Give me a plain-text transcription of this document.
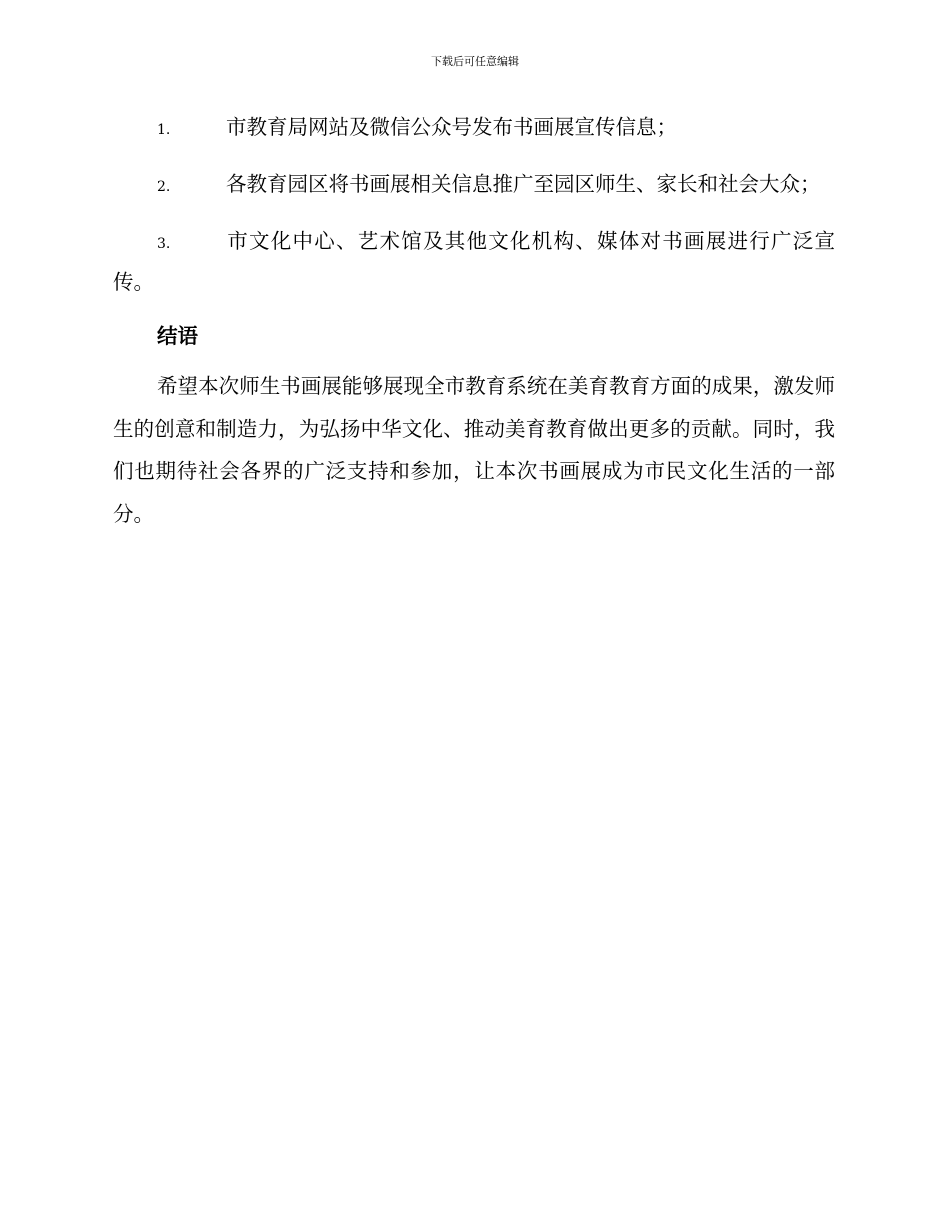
下载后可任意编辑
1.	市教育局网站及微信公众号发布书画展宣传信息；
2.	各教育园区将书画展相关信息推广至园区师生、家长和社会大众；
3.	市文化中心、艺术馆及其他文化机构、媒体对书画展进行广泛宣传。
结语

希望本次师生书画展能够展现全市教育系统在美育教育方面的成果，激发师生的创意和制造力，为弘扬中华文化、推动美育教育做出更多的贡献。同时，我们也期待社会各界的广泛支持和参加，让本次书画展成为市民文化生活的一部分。
